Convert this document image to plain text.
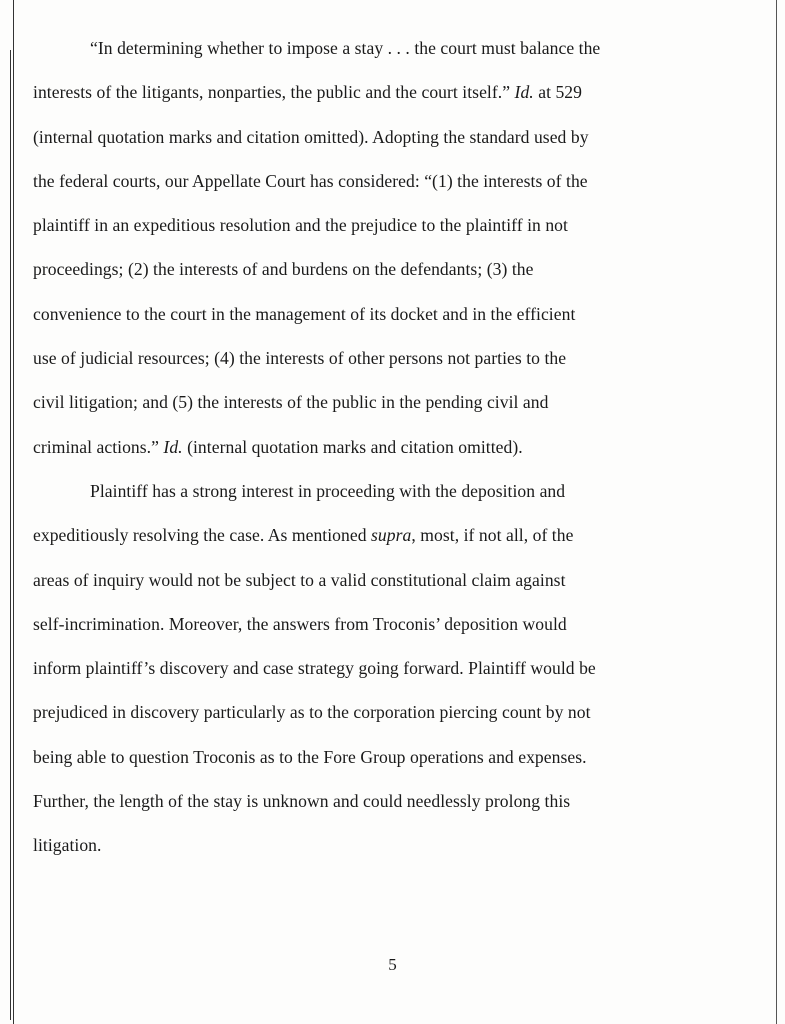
“In determining whether to impose a stay . . . the court must balance the
interests of the litigants, nonparties, the public and the court itself.” Id. at 529
(internal quotation marks and citation omitted). Adopting the standard used by
the federal courts, our Appellate Court has considered: “(1) the interests of the
plaintiff in an expeditious resolution and the prejudice to the plaintiff in not
proceedings; (2) the interests of and burdens on the defendants; (3) the
convenience to the court in the management of its docket and in the efficient
use of judicial resources; (4) the interests of other persons not parties to the
civil litigation; and (5) the interests of the public in the pending civil and
criminal actions.” Id. (internal quotation marks and citation omitted).
Plaintiff has a strong interest in proceeding with the deposition and
expeditiously resolving the case. As mentioned supra, most, if not all, of the
areas of inquiry would not be subject to a valid constitutional claim against
self-incrimination. Moreover, the answers from Troconis’ deposition would
inform plaintiff’s discovery and case strategy going forward. Plaintiff would be
prejudiced in discovery particularly as to the corporation piercing count by not
being able to question Troconis as to the Fore Group operations and expenses.
Further, the length of the stay is unknown and could needlessly prolong this
litigation.
5
